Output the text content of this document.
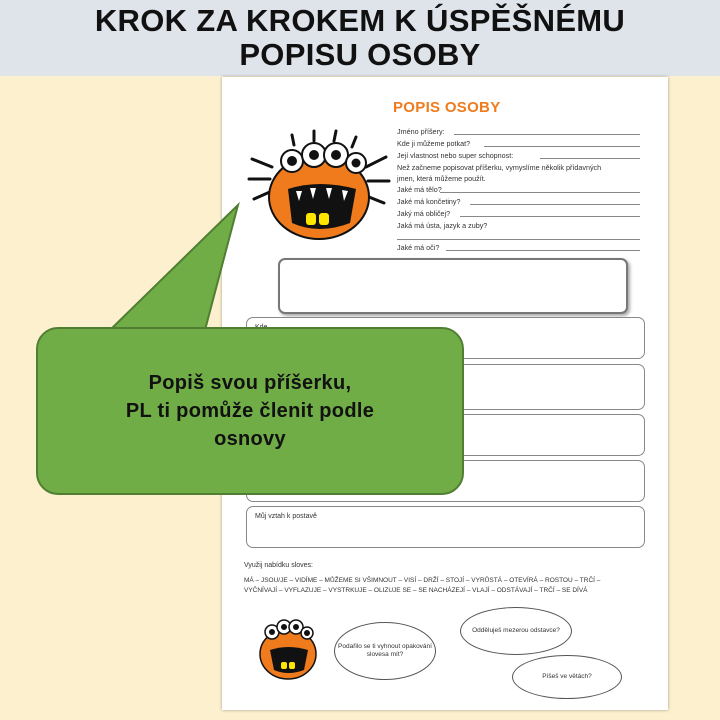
KROK ZA KROKEM K ÚSPĚŠNÉMU
POPISU OSOBY
POPIS OSOBY
Jméno příšery:
Kde ji můžeme potkat?
Její vlastnost nebo super schopnost:
Než začneme popisovat příšerku, vymyslíme několik přídavných
jmen, která můžeme použít.
Jaké má tělo?
Jaké má končetiny?
Jaký má obličej?
Jaká má ústa, jazyk a zuby?
Jaké má oči?
Můj vztah k postavě
Využij nabídku sloves:
MÁ – JSOU/JE – VIDÍME – MŮŽEME SI VŠIMNOUT – VISÍ – DRŽÍ – STOJÍ – VYRŮSTÁ – OTEVÍRÁ – ROSTOU – TRČÍ –
VYČNÍVAJÍ – VYFLAZUJE – VYSTRKUJE – OLIZUJE SE – SE NACHÁZEJÍ – VLAJÍ – ODSTÁVAJÍ – TRČÍ – SE DÍVÁ
Podařilo se ti vyhnout opakování slovesa mít?
Odděluješ mezerou odstavce?
Píšeš ve větách?
Popiš svou příšerku,
PL ti pomůže členit podle
osnovy
